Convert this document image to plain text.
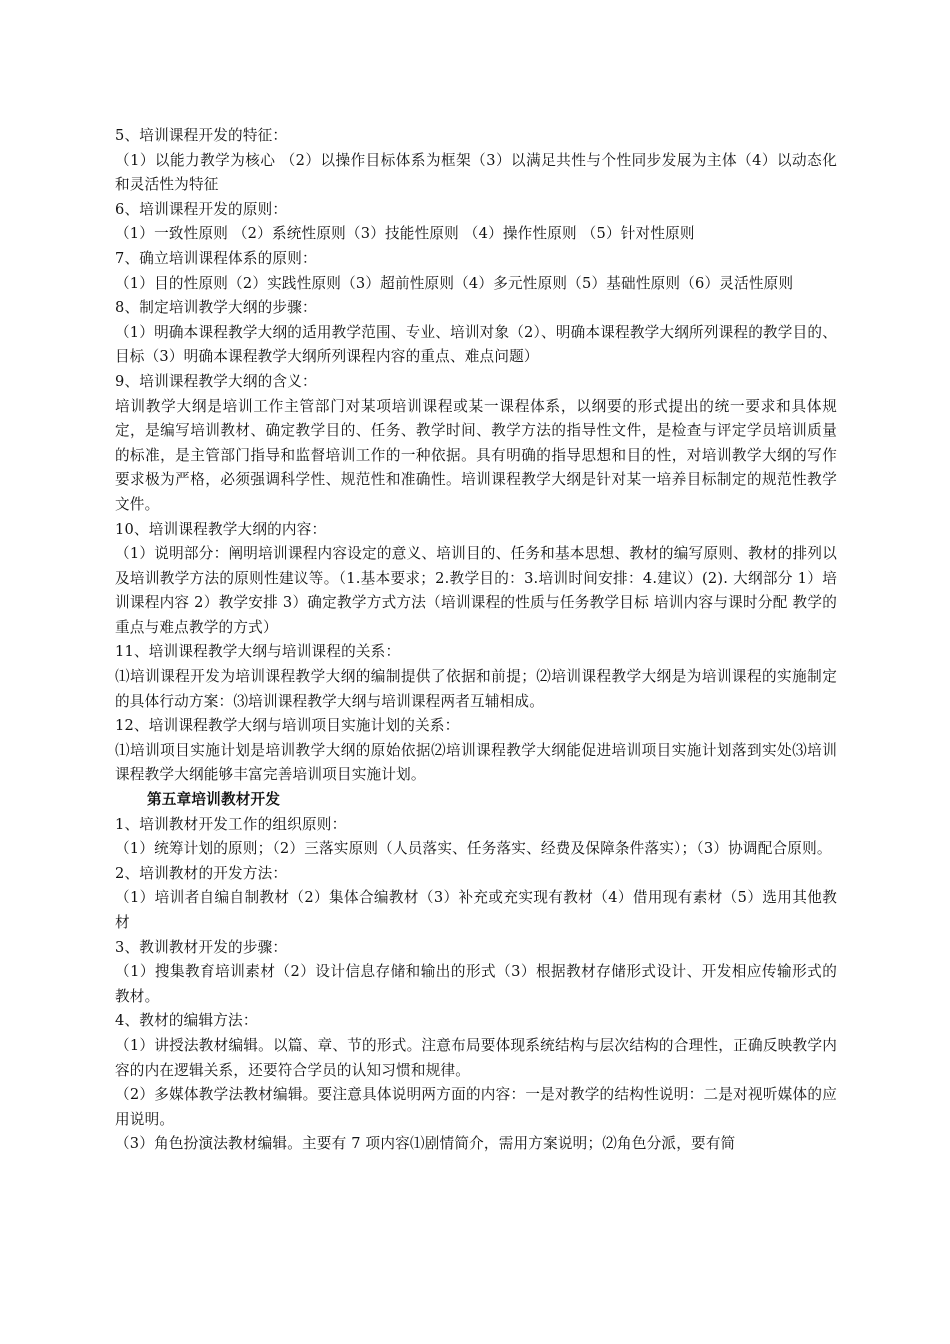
5、培训课程开发的特征：

（1）以能力教学为核心 （2）以操作目标体系为框架（3）以满足共性与个性同步发展为主体（4）以动态化和灵活性为特征

6、培训课程开发的原则：

（1）一致性原则 （2）系统性原则（3）技能性原则 （4）操作性原则 （5）针对性原则

7、确立培训课程体系的原则：

（1）目的性原则（2）实践性原则（3）超前性原则（4）多元性原则（5）基础性原则（6）灵活性原则

8、制定培训教学大纲的步骤：

（1）明确本课程教学大纲的适用教学范围、专业、培训对象（2）、明确本课程教学大纲所列课程的教学目的、目标（3）明确本课程教学大纲所列课程内容的重点、难点问题）

9、培训课程教学大纲的含义：

培训教学大纲是培训工作主管部门对某项培训课程或某一课程体系，以纲要的形式提出的统一要求和具体规定，是编写培训教材、确定教学目的、任务、教学时间、教学方法的指导性文件，是检查与评定学员培训质量的标准，是主管部门指导和监督培训工作的一种依据。具有明确的指导思想和目的性，对培训教学大纲的写作要求极为严格，必须强调科学性、规范性和准确性。培训课程教学大纲是针对某一培养目标制定的规范性教学文件。

10、培训课程教学大纲的内容：

（1）说明部分：阐明培训课程内容设定的意义、培训目的、任务和基本思想、教材的编写原则、教材的排列以及培训教学方法的原则性建议等。（1.基本要求；2.教学目的：3.培训时间安排：4.建议）(2). 大纲部分 1）培训课程内容 2）教学安排 3）确定教学方式方法（培训课程的性质与任务教学目标 培训内容与课时分配 教学的重点与难点教学的方式）

11、培训课程教学大纲与培训课程的关系：

⑴培训课程开发为培训课程教学大纲的编制提供了依据和前提；⑵培训课程教学大纲是为培训课程的实施制定的具体行动方案：⑶培训课程教学大纲与培训课程两者互辅相成。

12、培训课程教学大纲与培训项目实施计划的关系：

⑴培训项目实施计划是培训教学大纲的原始依据⑵培训课程教学大纲能促进培训项目实施计划落到实处⑶培训课程教学大纲能够丰富完善培训项目实施计划。

第五章培训教材开发

1、培训教材开发工作的组织原则：

（1）统筹计划的原则；（2）三落实原则（人员落实、任务落实、经费及保障条件落实）；（3）协调配合原则。

2、培训教材的开发方法：

（1）培训者自编自制教材（2）集体合编教材（3）补充或充实现有教材（4）借用现有素材（5）选用其他教材

3、教训教材开发的步骤：

（1）搜集教育培训素材（2）设计信息存储和输出的形式（3）根据教材存储形式设计、开发相应传输形式的教材。

4、教材的编辑方法：

（1）讲授法教材编辑。以篇、章、节的形式。注意布局要体现系统结构与层次结构的合理性，正确反映教学内容的内在逻辑关系，还要符合学员的认知习惯和规律。

（2）多媒体教学法教材编辑。要注意具体说明两方面的内容：一是对教学的结构性说明：二是对视听媒体的应用说明。

（3）角色扮演法教材编辑。主要有 7 项内容⑴剧情简介，需用方案说明；⑵角色分派，要有简
